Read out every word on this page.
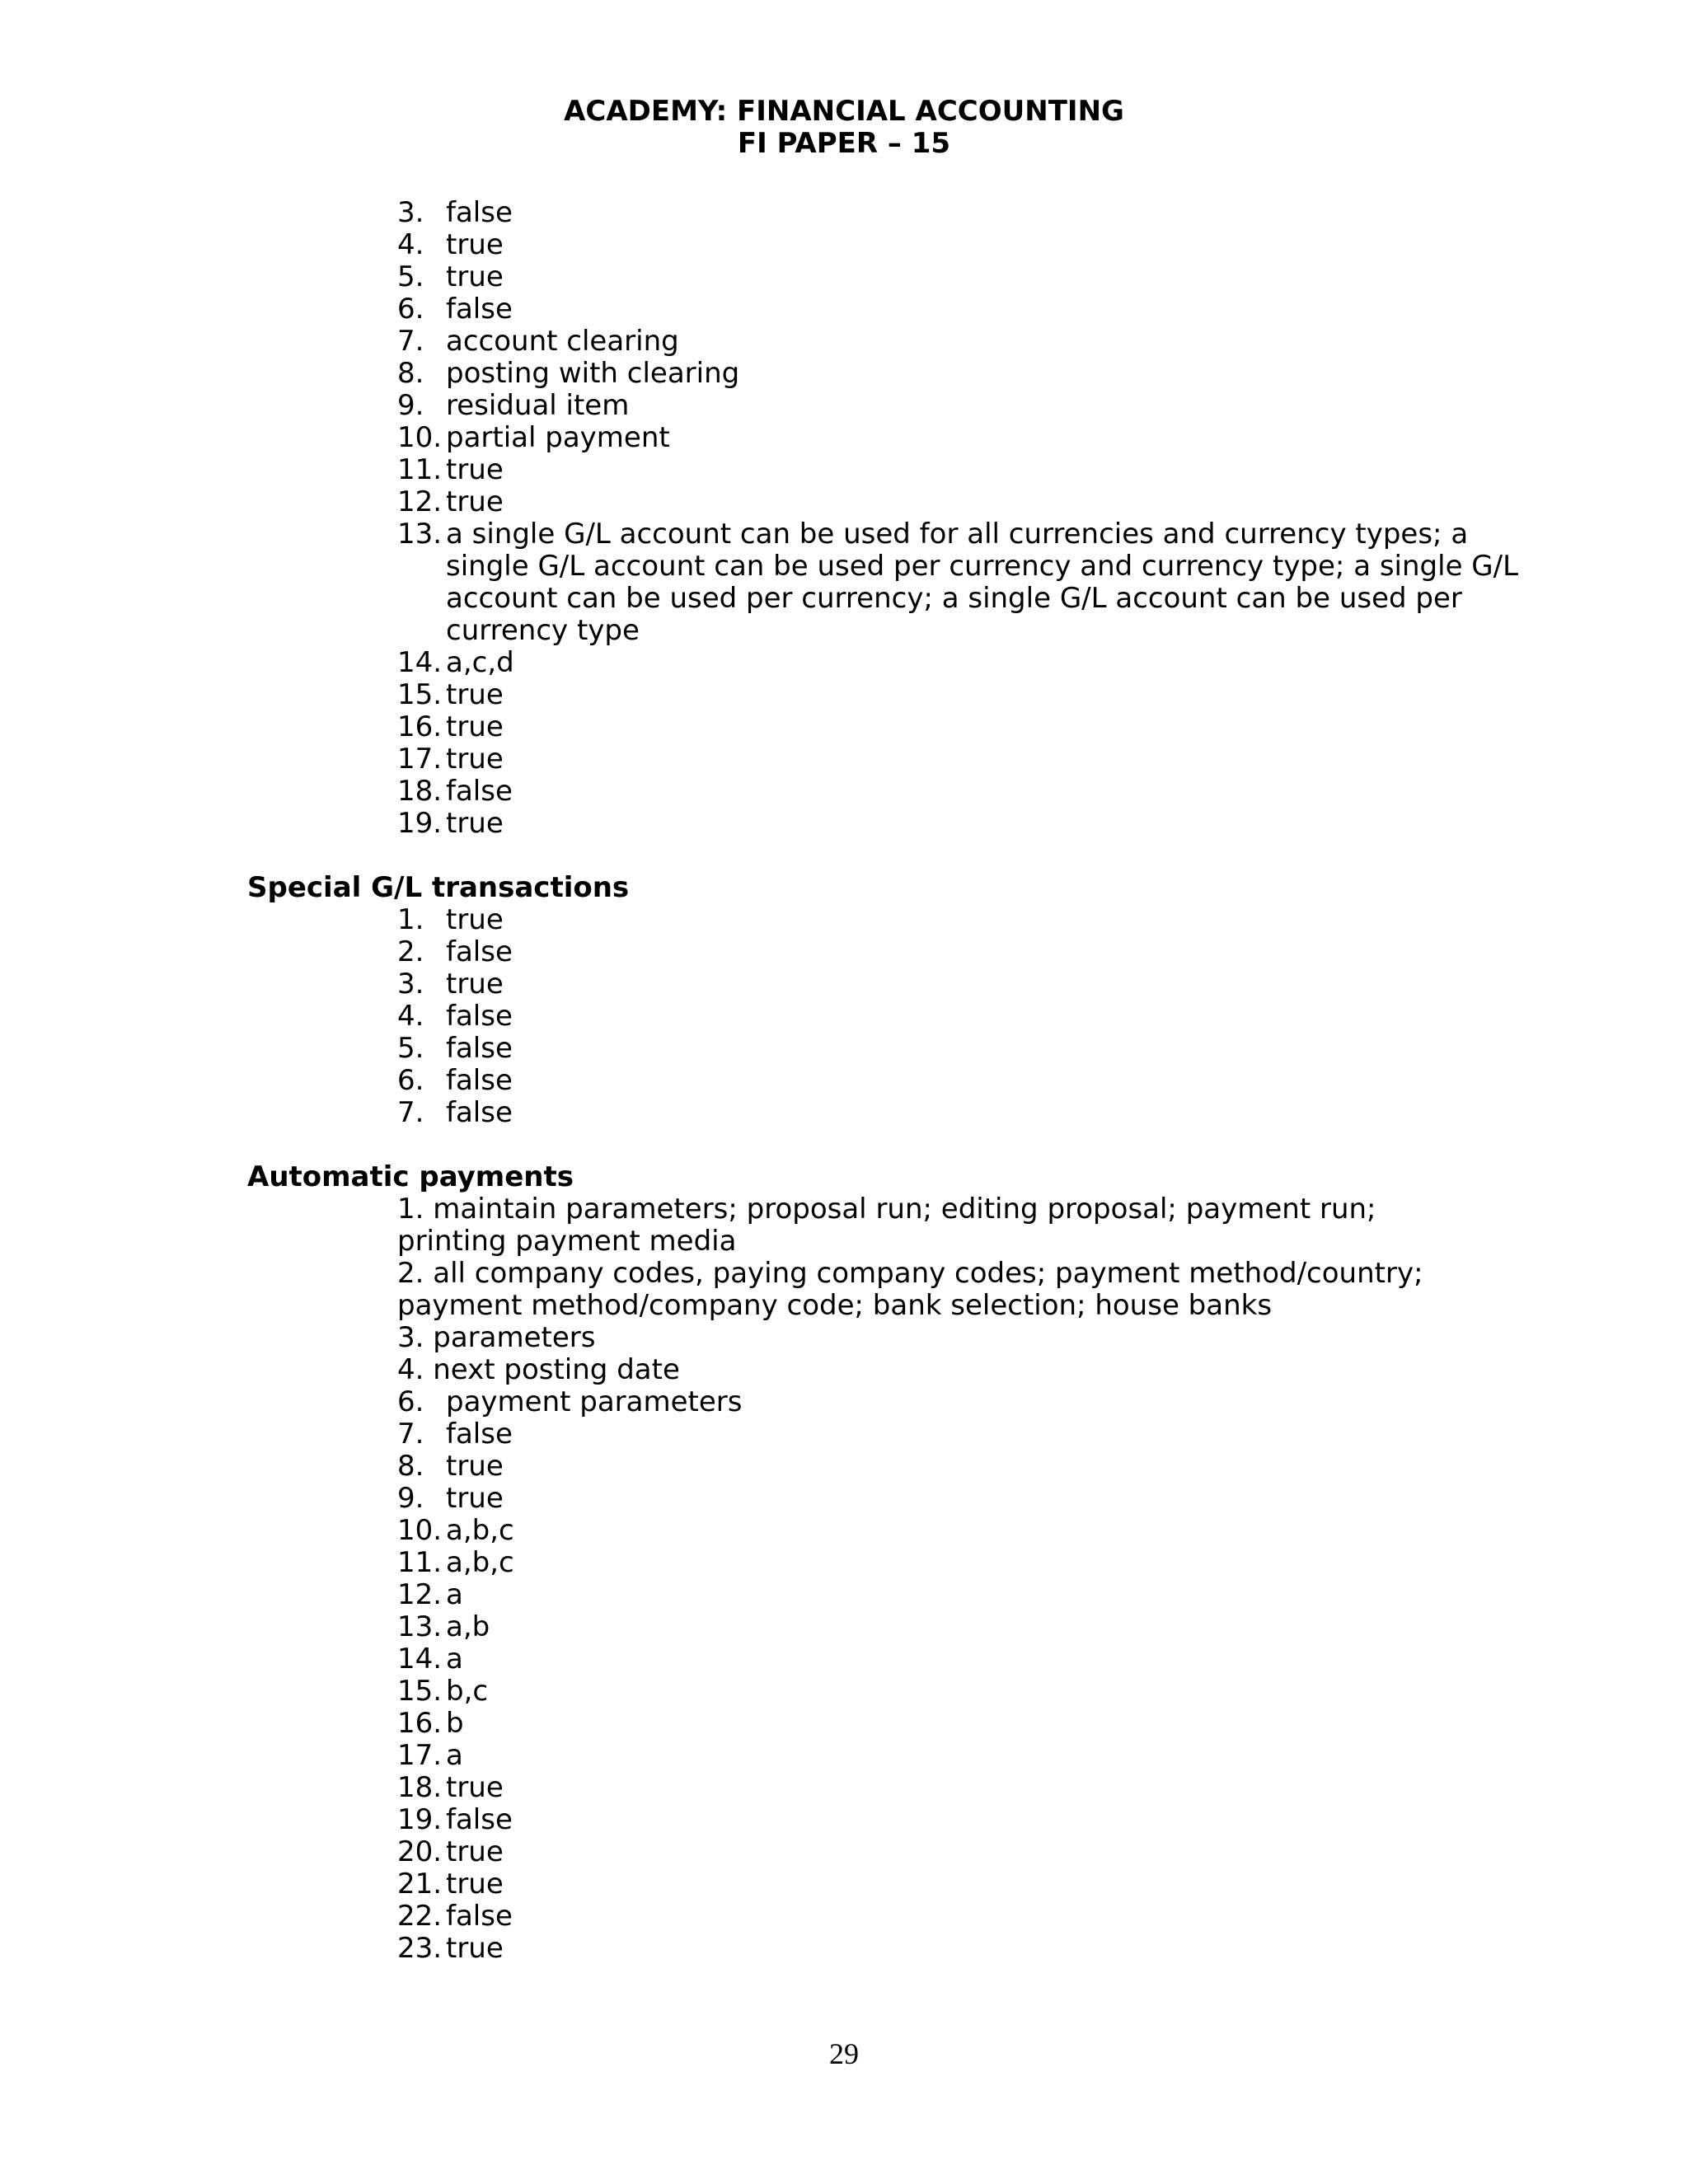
ACADEMY: FINANCIAL ACCOUNTING
FI PAPER – 15
3. false
4. true
5. true
6. false
7. account clearing
8. posting with clearing
9. residual item
10. partial payment
11. true
12. true
13. a single G/L account can be used for all currencies and currency types; a single G/L account can be used per currency and currency type; a single G/L account can be used per currency; a single G/L account can be used per currency type
14. a,c,d
15. true
16. true
17. true
18. false
19. true
Special G/L transactions
1. true
2. false
3. true
4. false
5. false
6. false
7. false
Automatic payments
1. maintain parameters; proposal run; editing proposal; payment run; printing payment media
2. all company codes, paying company codes; payment method/country; payment method/company code; bank selection; house banks
3. parameters
4. next posting date
6. payment parameters
7. false
8. true
9. true
10. a,b,c
11. a,b,c
12. a
13. a,b
14. a
15. b,c
16. b
17. a
18. true
19. false
20. true
21. true
22. false
23. true
29
